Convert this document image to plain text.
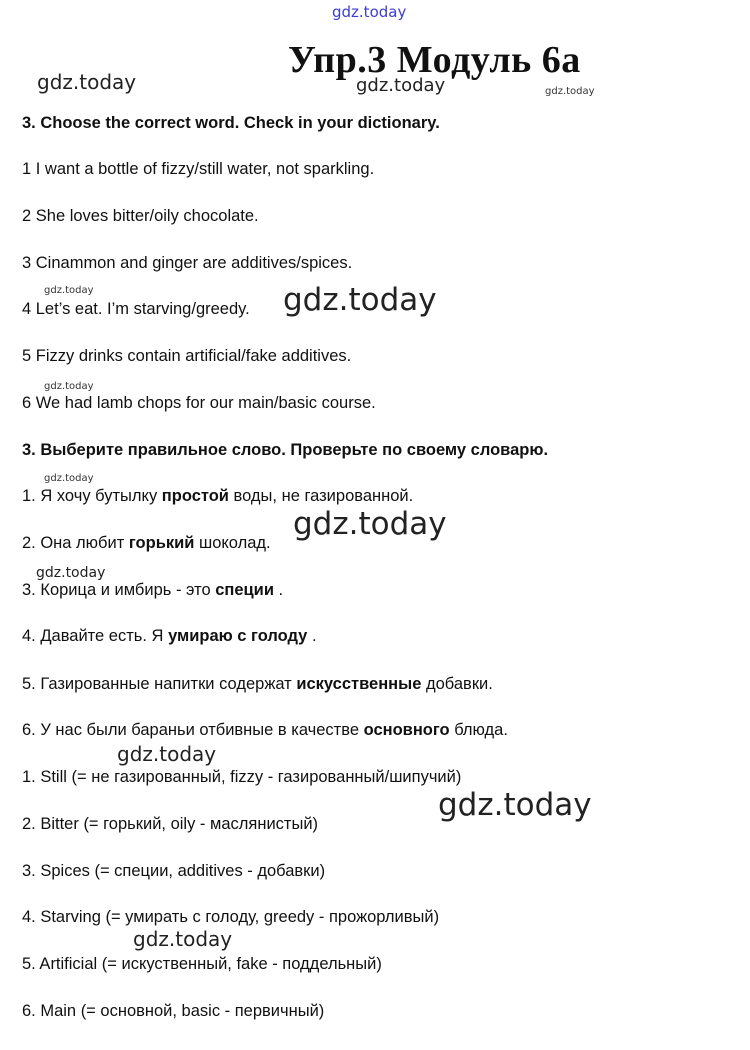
gdz.today
gdz.today	gdz.today	gdz.today
gdz.today	gdz.today
gdz.today
gdz.today
gdz.today
gdz.today
gdz.today
gdz.today
gdz.today
Упр.3 Модуль 6а
3. Choose the correct word. Check in your dictionary.
1 I want a bottle of fizzy/still water, not sparkling.
2 She loves bitter/oily chocolate.
3 Cinammon and ginger are additives/spices.
4 Let’s eat. I’m starving/greedy.
5 Fizzy drinks contain artificial/fake additives.
6 We had lamb chops for our main/basic course.
3. Выберите правильное слово. Проверьте по своему словарю.
1. Я хочу бутылку простой воды, не газированной.
2. Она любит горький шоколад.
3. Корица и имбирь - это специи .
4. Давайте есть. Я умираю с голоду .
5. Газированные напитки содержат искусственные добавки.
6. У нас были бараньи отбивные в качестве основного блюда.
1. Still (= не газированный, fizzy - газированный/шипучий)
2. Bitter (= горький, oily - маслянистый)
3. Spices (= специи, additives - добавки)
4. Starving (= умирать с голоду, greedy - прожорливый)
5. Artificial (= искуственный, fake - поддельный)
6. Main (= основной, basic - первичный)
